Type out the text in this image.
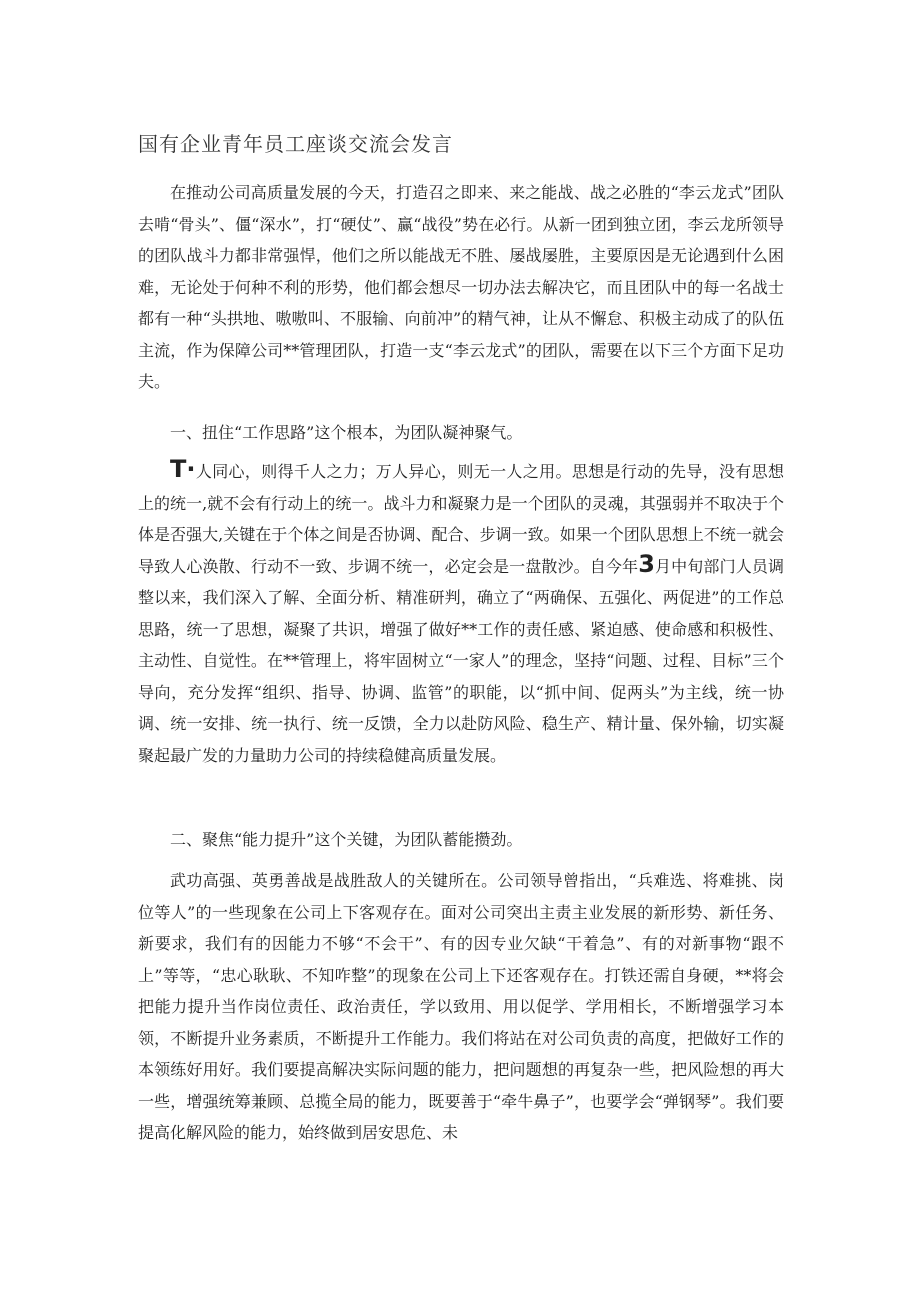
国有企业青年员工座谈交流会发言

在推动公司高质量发展的今天，打造召之即来、来之能战、战之必胜的“李云龙式”团队去啃“骨头”、僵“深水”，打“硬仗”、赢“战役”势在必行。从新一团到独立团，李云龙所领导的团队战斗力都非常强悍，他们之所以能战无不胜、屡战屡胜，主要原因是无论遇到什么困难，无论处于何种不利的形势，他们都会想尽一切办法去解决它，而且团队中的每一名战士都有一种“头拱地、嗷嗷叫、不服输、向前冲”的精气神，让从不懈怠、积极主动成了的队伍主流，作为保障公司**管理团队，打造一支“李云龙式”的团队，需要在以下三个方面下足功夫。

一、扭住“工作思路”这个根本，为团队凝神聚气。

T·人同心，则得千人之力；万人异心，则无一人之用。思想是行动的先导，没有思想上的统一,就不会有行动上的统一。战斗力和凝聚力是一个团队的灵魂，其强弱并不取决于个体是否强大,关键在于个体之间是否协调、配合、步调一致。如果一个团队思想上不统一就会导致人心涣散、行动不一致、步调不统一，必定会是一盘散沙。自今年3月中旬部门人员调整以来，我们深入了解、全面分析、精准研判，确立了“两确保、五强化、两促进”的工作总思路，统一了思想，凝聚了共识，增强了做好**工作的责任感、紧迫感、使命感和积极性、主动性、自觉性。在**管理上，将牢固树立“一家人”的理念，坚持“问题、过程、目标”三个导向，充分发挥“组织、指导、协调、监管”的职能，以“抓中间、促两头”为主线，统一协调、统一安排、统一执行、统一反馈，全力以赴防风险、稳生产、精计量、保外输，切实凝聚起最广发的力量助力公司的持续稳健高质量发展。

二、聚焦“能力提升”这个关键，为团队蓄能攒劲。

武功高强、英勇善战是战胜敌人的关键所在。公司领导曾指出，“兵难选、将难挑、岗位等人”的一些现象在公司上下客观存在。面对公司突出主责主业发展的新形势、新任务、新要求，我们有的因能力不够“不会干”、有的因专业欠缺“干着急”、有的对新事物“跟不上”等等，“忠心耿耿、不知咋整”的现象在公司上下还客观存在。打铁还需自身硬，**将会把能力提升当作岗位责任、政治责任，学以致用、用以促学、学用相长，不断增强学习本领，不断提升业务素质，不断提升工作能力。我们将站在对公司负责的高度，把做好工作的本领练好用好。我们要提高解决实际问题的能力，把问题想的再复杂一些，把风险想的再大一些，增强统筹兼顾、总揽全局的能力，既要善于“牵牛鼻子”，也要学会“弹钢琴”。我们要提高化解风险的能力，始终做到居安思危、未
